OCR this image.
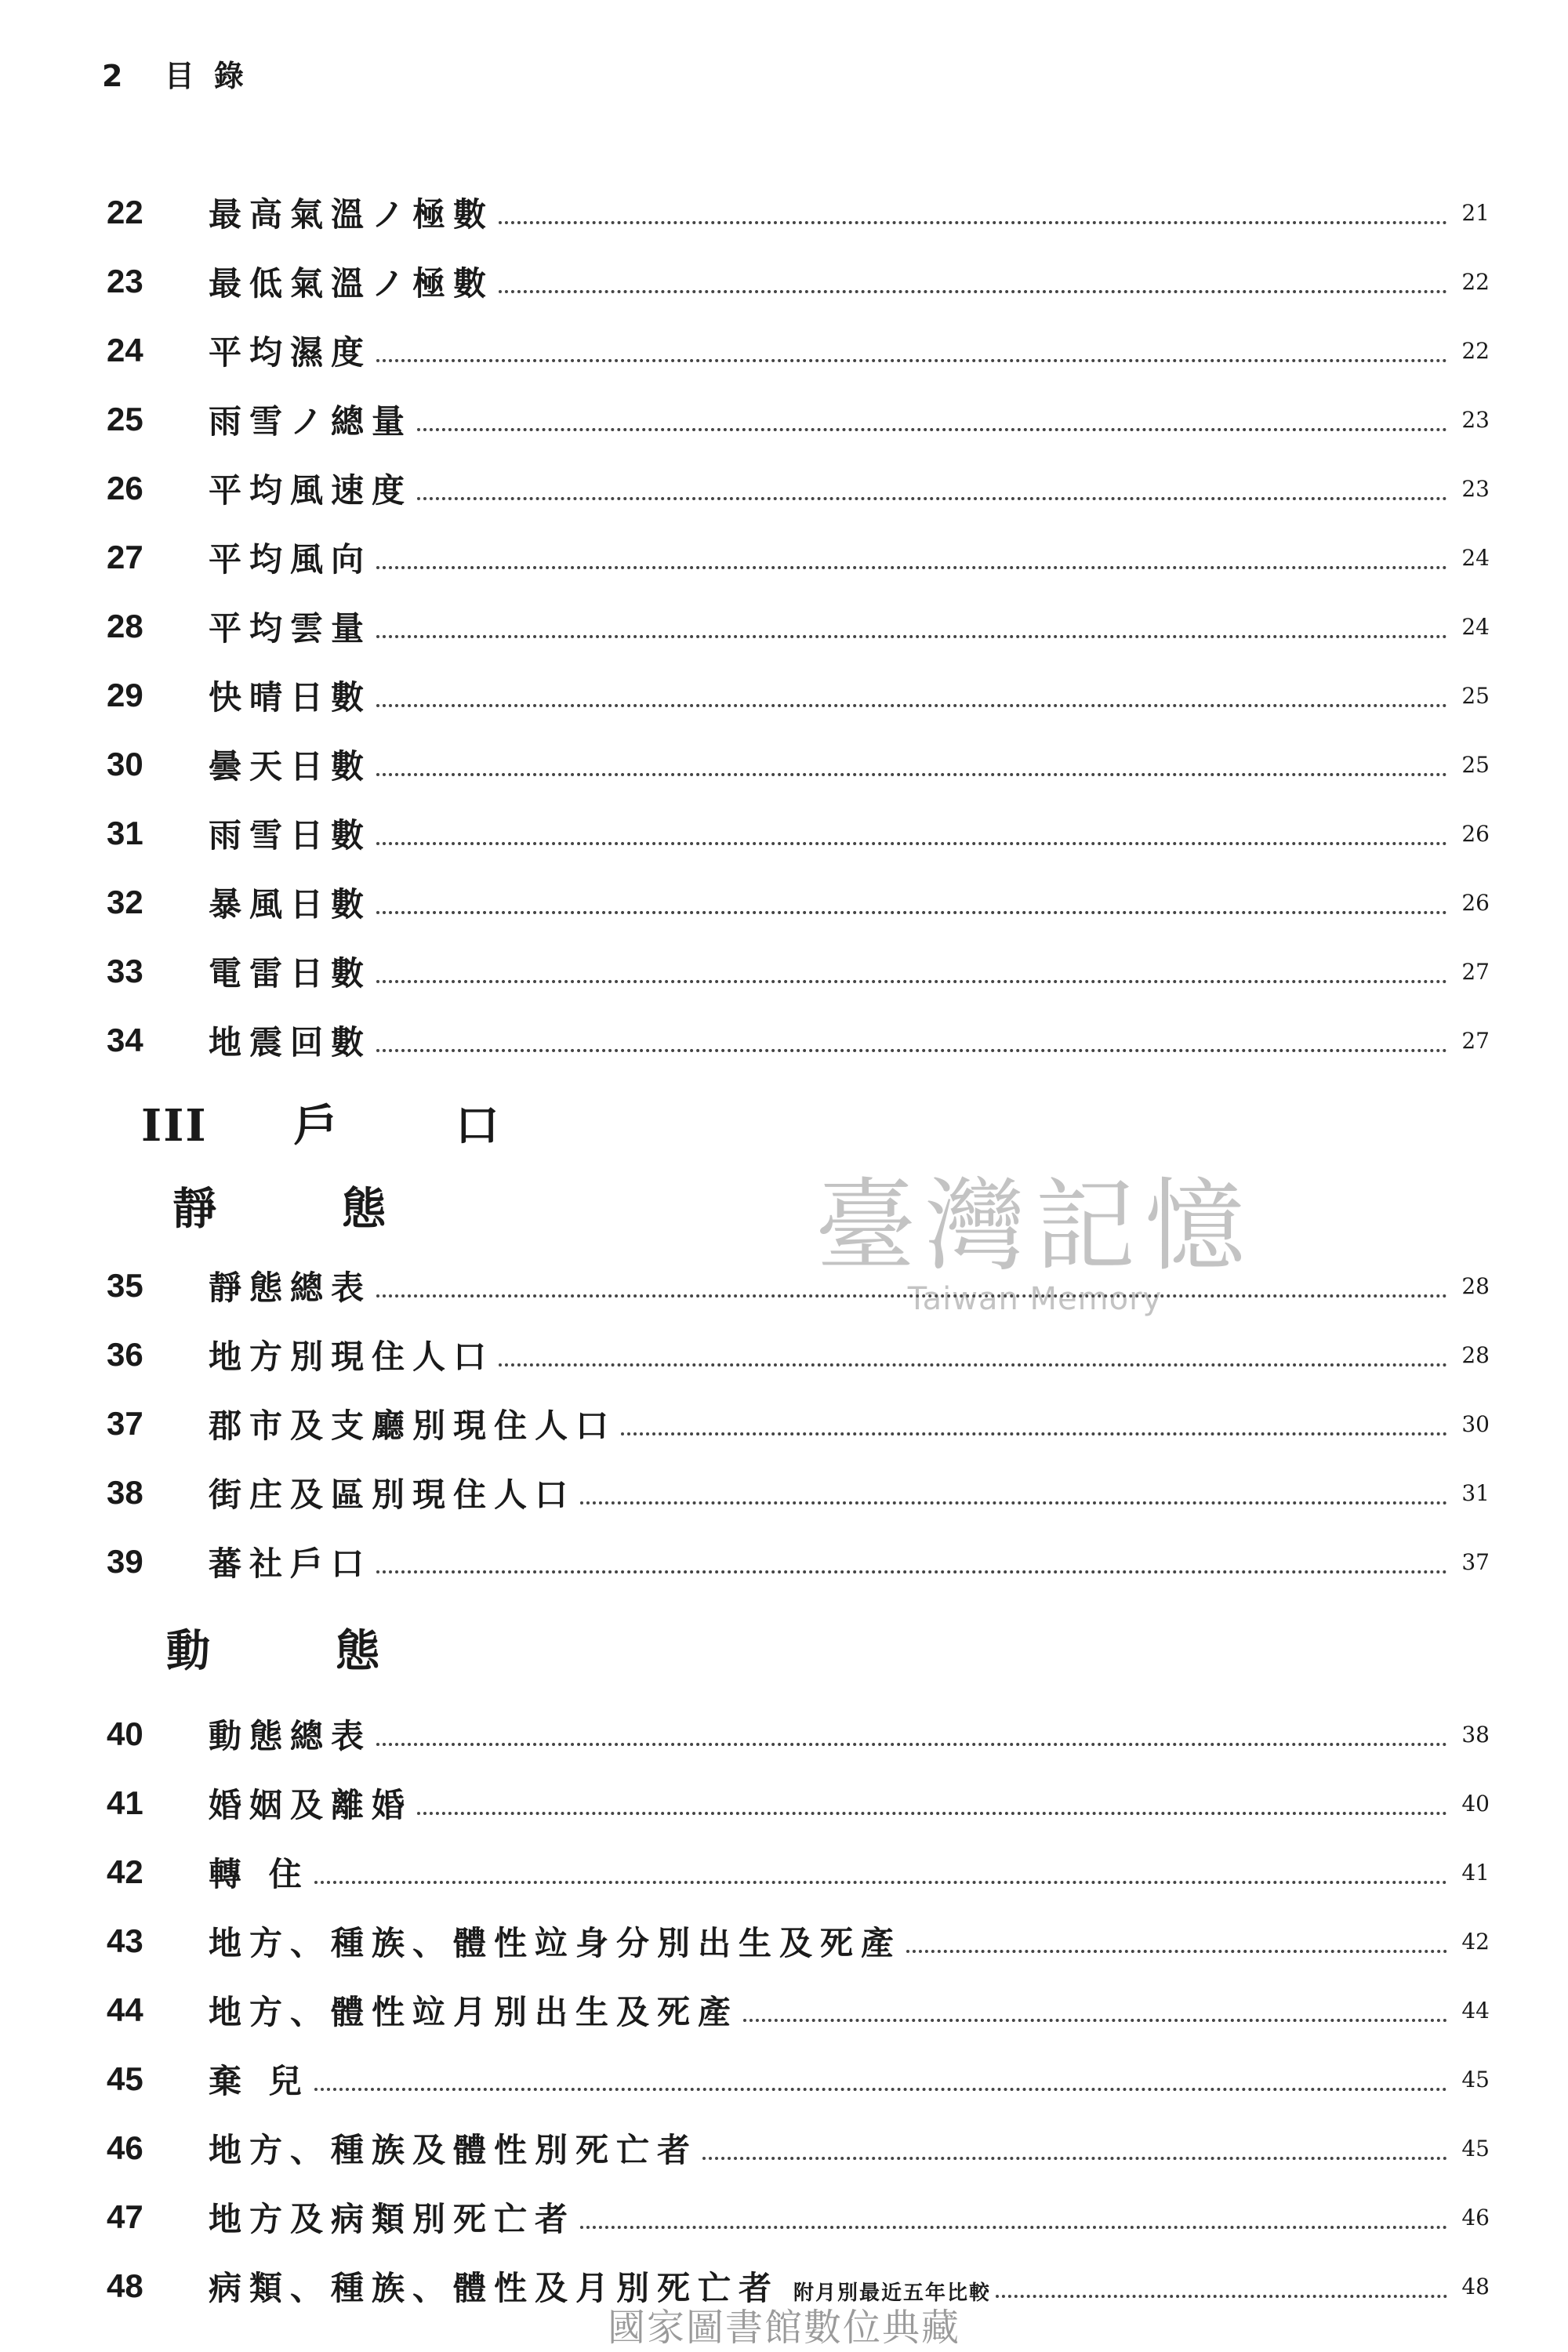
2 目 錄
22	最高氣溫ノ極數	21
23	最低氣溫ノ極數	22
24	平均濕度	22
25	雨雪ノ總量	23
26	平均風速度	23
27	平均風向	24
28	平均雲量	24
29	快晴日數	25
30	曇天日數	25
31	雨雪日數	26
32	暴風日數	26
33	電雷日數	27
34	地震回數	27
III 戶	口
靜	態	臺灣記憶
Taiwan Memory
35	靜態總表	28
36	地方別現住人口	28
37	郡市及支廳別現住人口	30
38	街庄及區別現住人口	31
39	蕃社戶口	37
動	態
40	動態總表	38
41	婚姻及離婚	40
42	轉 住	41
43	地方、種族、體性竝身分別出生及死產	42
44	地方、體性竝月別出生及死產	44
45	棄 兒	45
46	地方、種族及體性別死亡者	45
47	地方及病類別死亡者	46
48	病類、種族、體性及月別死亡者 附月別最近五年比較	48
國家圖書館數位典藏
